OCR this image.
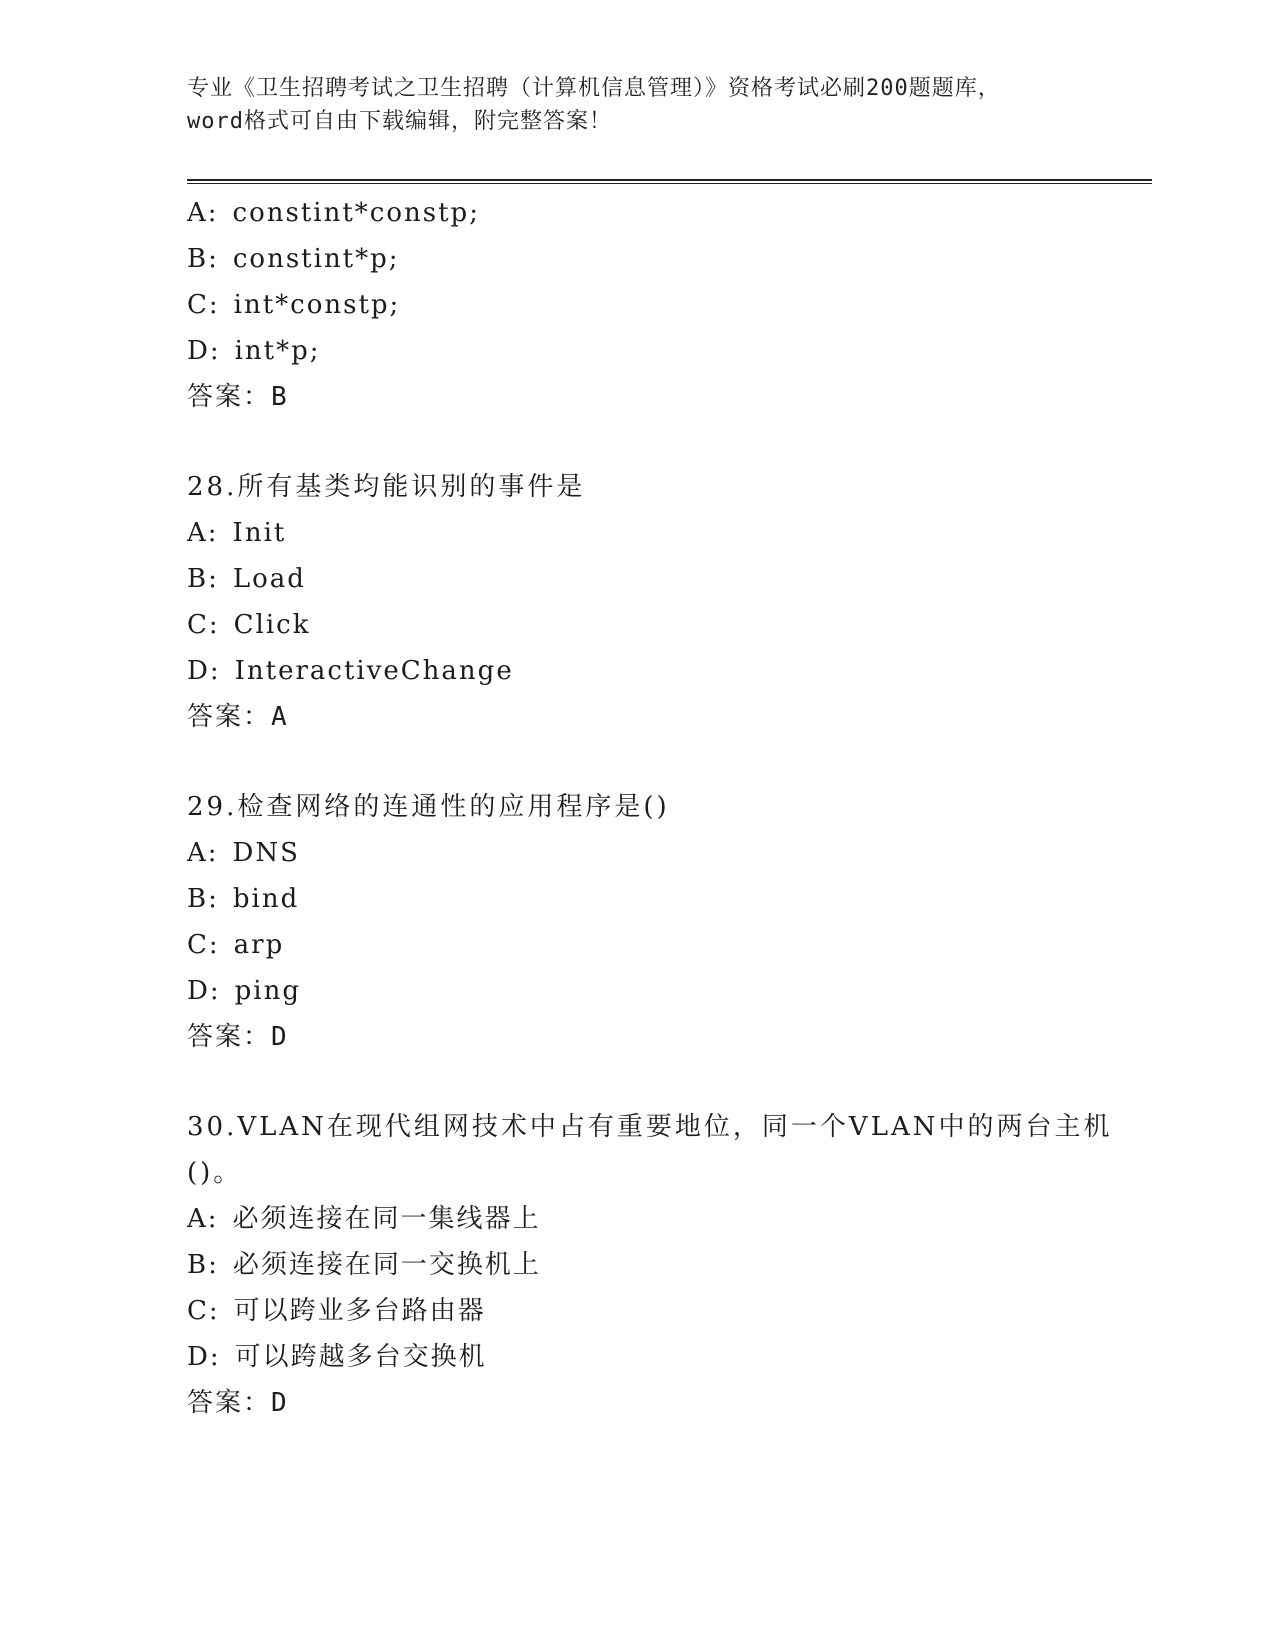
专业《卫生招聘考试之卫生招聘（计算机信息管理）》资格考试必刷200题题库，
word格式可自由下载编辑，附完整答案！
A: constint*constp;
B: constint*p;
C: int*constp;
D: int*p;
答案：B
28.所有基类均能识别的事件是
A: Init
B: Load
C: Click
D: InteractiveChange
答案：A
29.检查网络的连通性的应用程序是()
A: DNS
B: bind
C: arp
D: ping
答案：D
30.VLAN在现代组网技术中占有重要地位，同一个VLAN中的两台主机
()。
A: 必须连接在同一集线器上
B: 必须连接在同一交换机上
C: 可以跨业多台路由器
D: 可以跨越多台交换机
答案：D
